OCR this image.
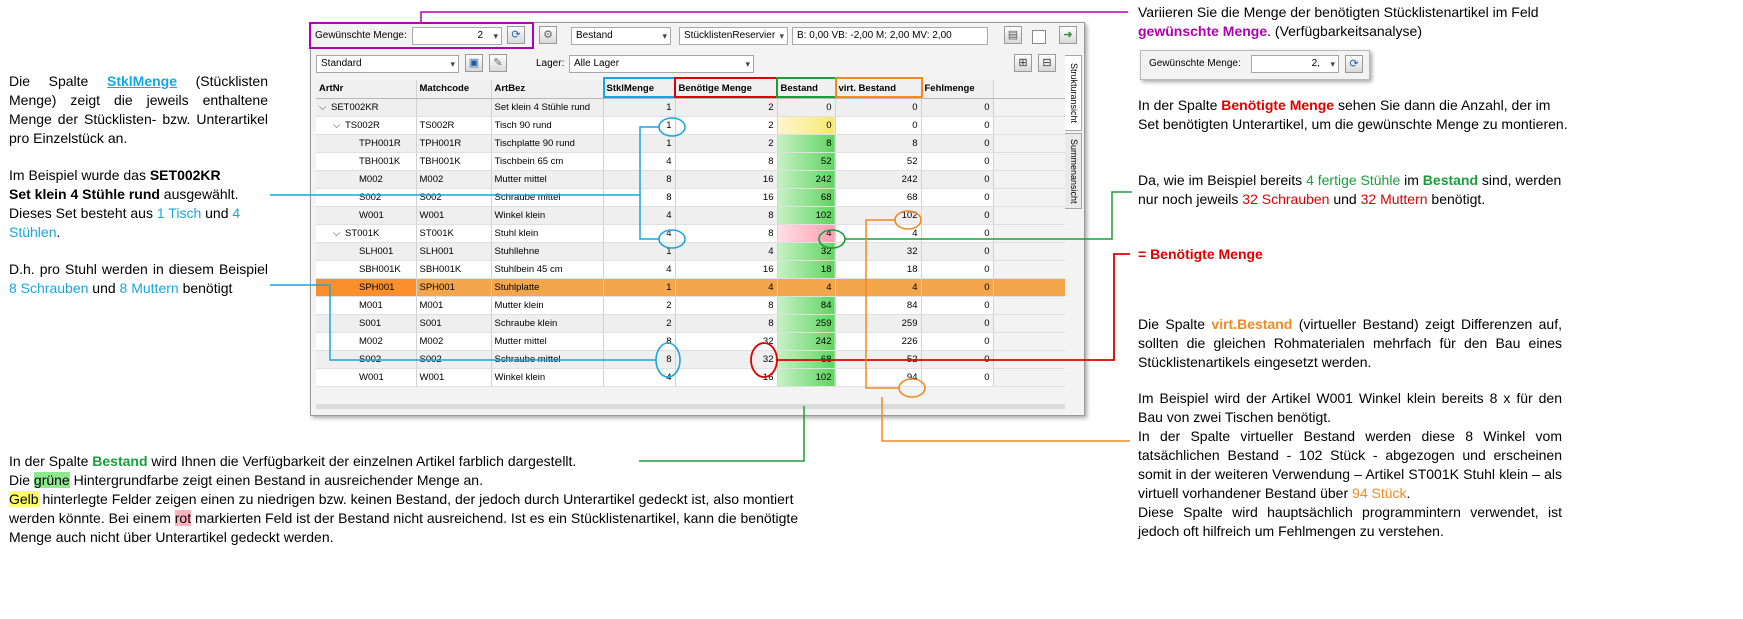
Die Spalte StklMenge (Stücklisten Menge) zeigt die jeweils enthaltene Menge der Stücklisten- bzw. Unterartikel pro Einzelstück an.
Im Beispiel wurde das SET002KR
Set klein 4 Stühle rund ausgewählt. Dieses Set besteht aus 1 Tisch und 4 Stühlen.
D.h. pro Stuhl werden in diesem Beispiel 8 Schrauben und 8 Muttern benötigt
In der Spalte Bestand wird Ihnen die Verfügbarkeit der einzelnen Artikel farblich dargestellt.
Die grüne Hintergrundfarbe zeigt einen Bestand in ausreichender Menge an.
Gelb hinterlegte Felder zeigen einen zu niedrigen bzw. keinen Bestand, der jedoch durch Unterartikel gedeckt ist, also montiert werden könnte. Bei einem rot markierten Feld ist der Bestand nicht ausreichend. Ist es ein Stücklistenartikel, kann die benötigte Menge auch nicht über Unterartikel gedeckt werden.
Variieren Sie die Menge der benötigten Stücklistenartikel im Feld gewünschte Menge. (Verfügbarkeitsanalyse)
Gewünschte Menge:	2, ▾	⟳
In der Spalte Benötigte Menge sehen Sie dann die Anzahl, der im Set benötigten Unterartikel, um die gewünschte Menge zu montieren.
Da, wie im Beispiel bereits 4 fertige Stühle im Bestand sind, werden nur noch jeweils 32 Schrauben und 32 Muttern benötigt.
= Benötigte Menge
Die Spalte virt.Bestand (virtueller Bestand) zeigt Differenzen auf, sollten die gleichen Rohmaterialen mehrfach für den Bau eines Stücklistenartikels eingesetzt werden.
Im Beispiel wird der Artikel W001 Winkel klein bereits 8 x für den Bau von zwei Tischen benötigt.
In der Spalte virtueller Bestand werden diese 8 Winkel vom tatsächlichen Bestand - 102 Stück - abgezogen und erscheinen somit in der weiteren Verwendung – Artikel ST001K Stuhl klein – als virtuell vorhandener Bestand über 94 Stück.
Diese Spalte wird hauptsächlich programmintern verwendet, ist jedoch oft hilfreich um Fehlmengen zu verstehen.
Gewünschte Menge:	2 ▾	⟳	⚙	Bestand	▾	StücklistenReservier ▾	B: 0,00 VB: -2,00 M: 2,00 MV: 2,00	▤	➜
Standard	▾	▣	✎	Lager: Alle Lager	▾	⊞	⊟	Strukturansicht
Summenansicht
ArtNr	Matchcode	ArtBez	StklMenge	Benötige Menge	Bestand	virt. Bestand	Fehlmenge	
⌵ SET002KR		Set klein 4 Stühle rund	1	2	0	0	0	
⌵ TS002R	TS002R	Tisch 90 rund	1	2	0	0	0	
TPH001R	TPH001R	Tischplatte 90 rund	1	2	8	8	0	
TBH001K	TBH001K	Tischbein 65 cm	4	8	52	52	0	
M002	M002	Mutter mittel	8	16	242	242	0	
S002	S002	Schraube mittel	8	16	68	68	0	
W001	W001	Winkel klein	4	8	102	102	0	
⌵ ST001K	ST001K	Stuhl klein	4	8	4	4	0	
SLH001	SLH001	Stuhllehne	1	4	32	32	0	
SBH001K	SBH001K	Stuhlbein 45 cm	4	16	18	18	0	
SPH001	SPH001	Stuhlplatte	1	4	4	4	0	
M001	M001	Mutter klein	2	8	84	84	0	
S001	S001	Schraube klein	2	8	259	259	0	
M002	M002	Mutter mittel	8	32	242	226	0	
S002	S002	Schraube mittel	8	32	68	52	0	
W001	W001	Winkel klein	4	16	102	94	0	
